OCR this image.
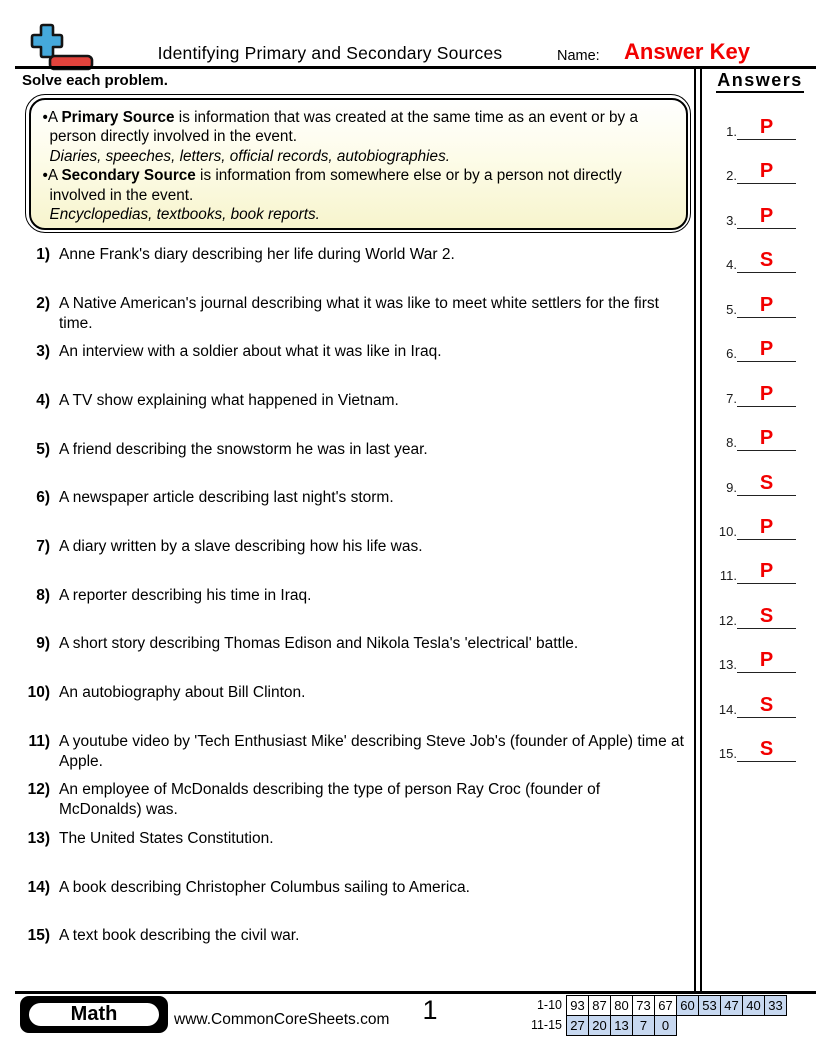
Identifying Primary and Secondary Sources	Name: Answer Key
Solve each problem.	Answers
1.	P
2.	P
3.	P
4.	S
5.	P
6.	P
7.	P
8.	P
9.	S
10.	P
11.	P
12.	S
13.	P
14.	S
15.	S

•A Primary Source is information that was created at the same time as an event or by a person directly involved in the event.

Diaries, speeches, letters, official records, autobiographies.

•A Secondary Source is information from somewhere else or by a person not directly involved in the event.

Encyclopedias, textbooks, book reports.

1) Anne Frank's diary describing her life during World War 2.
2) A Native American's journal describing what it was like to meet white settlers for the first time.
3) An interview with a soldier about what it was like in Iraq.
4) A TV show explaining what happened in Vietnam.
5) A friend describing the snowstorm he was in last year.
6) A newspaper article describing last night's storm.
7) A diary written by a slave describing how his life was.
8) A reporter describing his time in Iraq.
9) A short story describing Thomas Edison and Nikola Tesla's 'electrical' battle.
10) An autobiography about Bill Clinton.
11) A youtube video by 'Tech Enthusiast Mike' describing Steve Job's (founder of Apple) time at Apple.
12) An employee of McDonalds describing the type of person Ray Croc (founder of McDonalds) was.
13) The United States Constitution.
14) A book describing Christopher Columbus sailing to America.
15) A text book describing the civil war.
Math	www.CommonCoreSheets.com	1	1-10 93 87 80 73 67 60 53 47 40 33
11-15 27 20 13 7	0
